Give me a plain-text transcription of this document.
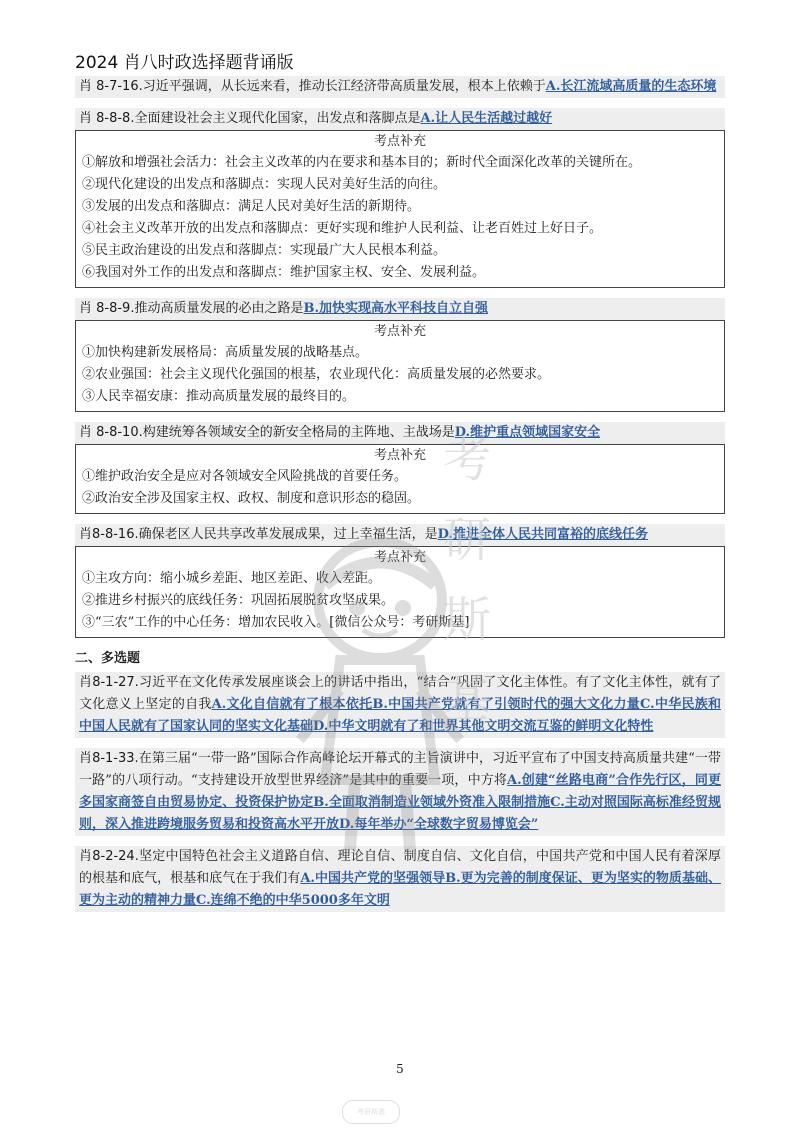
2024 肖八时政选择题背诵版

肖 8-7-16.习近平强调，从长远来看，推动长江经济带高质量发展，根本上依赖于A.长江流域高质量的生态环境

肖 8-8-8.全面建设社会主义现代化国家，出发点和落脚点是A.让人民生活越过越好

考点补充
①解放和增强社会活力：社会主义改革的内在要求和基本目的；新时代全面深化改革的关键所在。
②现代化建设的出发点和落脚点：实现人民对美好生活的向往。
③发展的出发点和落脚点：满足人民对美好生活的新期待。
④社会主义改革开放的出发点和落脚点：更好实现和维护人民利益、让老百姓过上好日子。
⑤民主政治建设的出发点和落脚点：实现最广大人民根本利益。
⑥我国对外工作的出发点和落脚点：维护国家主权、安全、发展利益。

肖 8-8-9.推动高质量发展的必由之路是B.加快实现高水平科技自立自强

考点补充
①加快构建新发展格局：高质量发展的战略基点。
②农业强国：社会主义现代化强国的根基，农业现代化：高质量发展的必然要求。
③人民幸福安康：推动高质量发展的最终目的。

肖 8-8-10.构建统筹各领域安全的新安全格局的主阵地、主战场是D.维护重点领域国家安全

考点补充
①维护政治安全是应对各领域安全风险挑战的首要任务。
②政治安全涉及国家主权、政权、制度和意识形态的稳固。

肖8-8-16.确保老区人民共享改革发展成果，过上幸福生活，是D.推进全体人民共同富裕的底线任务

考点补充
①主攻方向：缩小城乡差距、地区差距、收入差距。
②推进乡村振兴的底线任务：巩固拓展脱贫攻坚成果。
③“三农”工作的中心任务：增加农民收入。[微信公众号：考研斯基]
二、多选题

肖8-1-27.习近平在文化传承发展座谈会上的讲话中指出，“结合”巩固了文化主体性。有了文化主体性，就有了文化意义上坚定的自我A.文化自信就有了根本依托B.中国共产党就有了引领时代的强大文化力量C.中华民族和中国人民就有了国家认同的坚实文化基础D.中华文明就有了和世界其他文明交流互鉴的鲜明文化特性

肖8-1-33.在第三届“一带一路”国际合作高峰论坛开幕式的主旨演讲中，习近平宣布了中国支持高质量共建“一带一路”的八项行动。“支持建设开放型世界经济”是其中的重要一项，中方将A.创建“丝路电商”合作先行区，同更多国家商签自由贸易协定、投资保护协定B.全面取消制造业领域外资准入限制措施C.主动对照国际高标准经贸规则，深入推进跨境服务贸易和投资高水平开放D.每年举办“全球数字贸易博览会”

肖8-2-24.坚定中国特色社会主义道路自信、理论自信、制度自信、文化自信，中国共产党和中国人民有着深厚的根基和底气，根基和底气在于我们有A.中国共产党的坚强领导B.更为完善的制度保证、更为坚实的物质基础、更为主动的精神力量C.连绵不绝的中华5000多年文明

考
研
斯
基
考研斯基
5
